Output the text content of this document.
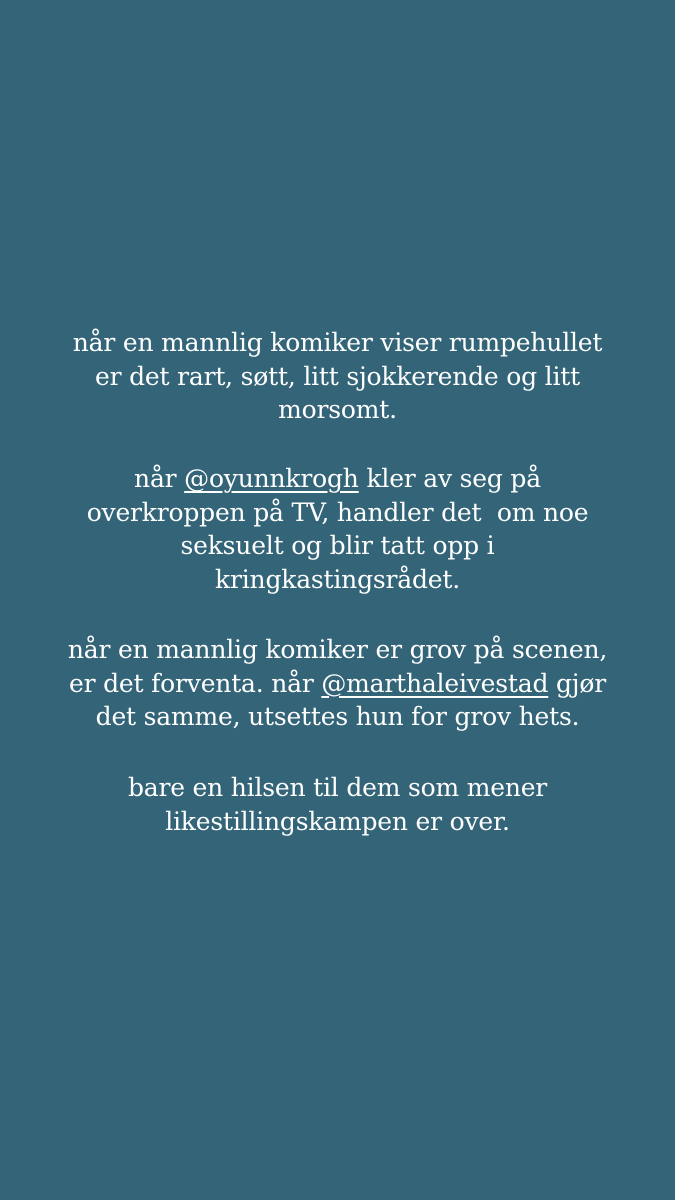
når en mannlig komiker viser rumpehullet
er det rart, søtt, litt sjokkerende og litt
morsomt.
når @oyunnkrogh kler av seg på
overkroppen på TV, handler det  om noe
seksuelt og blir tatt opp i
kringkastingsrådet.
når en mannlig komiker er grov på scenen,
er det forventa. når @marthaleivestad gjør
det samme, utsettes hun for grov hets.
bare en hilsen til dem som mener
likestillingskampen er over.
